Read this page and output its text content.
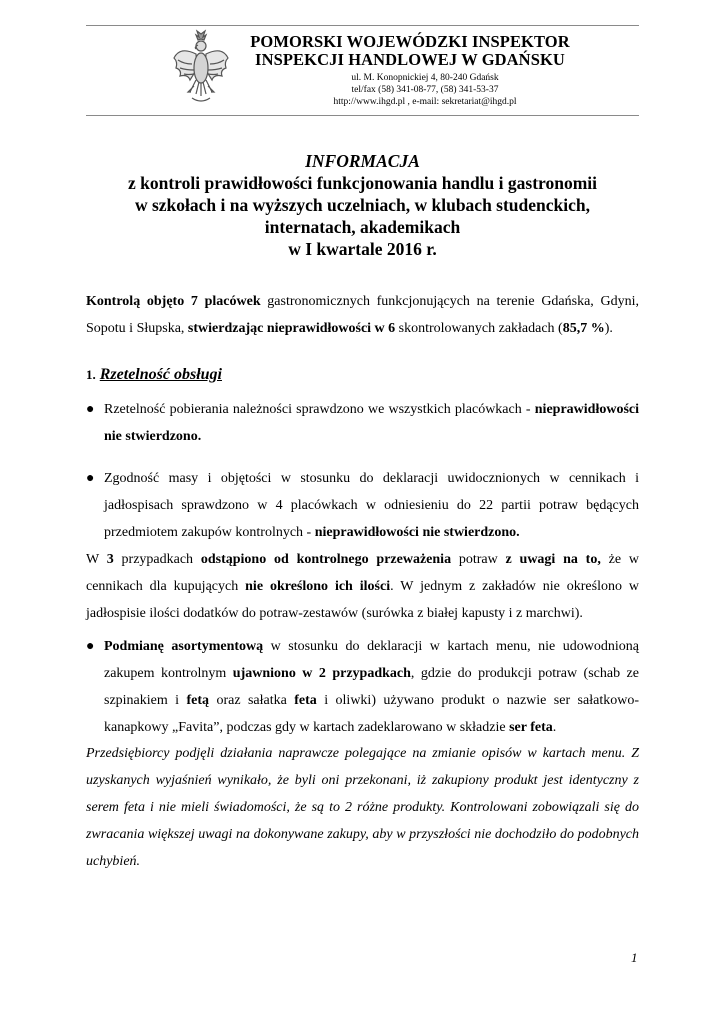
POMORSKI WOJEWÓDZKI INSPEKTOR
INSPEKCJI HANDLOWEJ W GDAŃSKU
ul. M. Konopnickiej 4, 80-240 Gdańsk
tel/fax (58) 341-08-77, (58) 341-53-37
http://www.ihgd.pl , e-mail: sekretariat@ihgd.pl
INFORMACJA
z kontroli prawidłowości funkcjonowania handlu i gastronomii
w szkołach i na wyższych uczelniach, w klubach studenckich,
internatach, akademikach
w I kwartale 2016 r.
Kontrolą objęto 7 placówek gastronomicznych funkcjonujących na terenie Gdańska, Gdyni, Sopotu i Słupska, stwierdzając nieprawidłowości w 6 skontrolowanych zakładach (85,7 %).
1. Rzetelność obsługi
● Rzetelność pobierania należności sprawdzono we wszystkich placówkach - nieprawidłowości nie stwierdzono.
● Zgodność masy i objętości w stosunku do deklaracji uwidocznionych w cennikach i jadłospisach sprawdzono w 4 placówkach w odniesieniu do 22 partii potraw będących przedmiotem zakupów kontrolnych - nieprawidłowości nie stwierdzono.
W 3 przypadkach odstąpiono od kontrolnego przeważenia potraw z uwagi na to, że w cennikach dla kupujących nie określono ich ilości. W jednym z zakładów nie określono w jadłospisie ilości dodatków do potraw-zestawów (surówka z białej kapusty i z marchwi).
● Podmianę asortymentową w stosunku do deklaracji w kartach menu, nie udowodnioną zakupem kontrolnym ujawniono w 2 przypadkach, gdzie do produkcji potraw (schab ze szpinakiem i fetą oraz sałatka feta i oliwki) używano produkt o nazwie ser sałatkowo-kanapkowy „Favita”, podczas gdy w kartach zadeklarowano w składzie ser feta.
Przedsiębiorcy podjęli działania naprawcze polegające na zmianie opisów w kartach menu. Z uzyskanych wyjaśnień wynikało, że byli oni przekonani, iż zakupiony produkt jest identyczny z serem feta i nie mieli świadomości, że są to 2 różne produkty. Kontrolowani zobowiązali się do zwracania większej uwagi na dokonywane zakupy, aby w przyszłości nie dochodziło do podobnych uchybień.
1
